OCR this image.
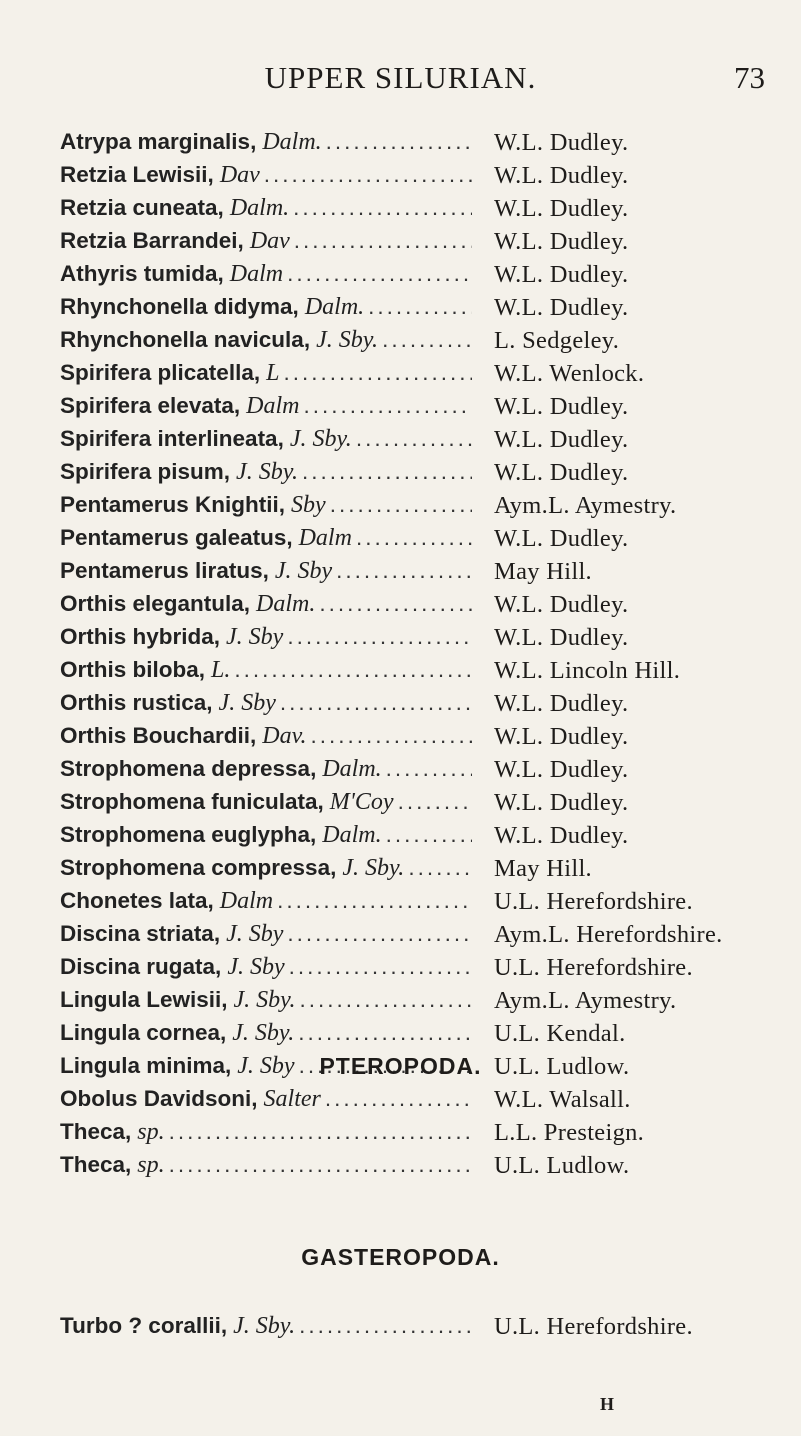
UPPER SILURIAN.	73
Atrypa marginalis, Dalm. .....	W.L. Dudley.
Retzia Lewisii, Dav .....	W.L. Dudley.
Retzia cuneata, Dalm. .....	W.L. Dudley.
Retzia Barrandei, Dav .....	W.L. Dudley.
Athyris tumida, Dalm .....	W.L. Dudley.
Rhynchonella didyma, Dalm. .....	W.L. Dudley.
Rhynchonella navicula, J. Sby. .....	L. Sedgeley.
Spirifera plicatella, L .....	W.L. Wenlock.
Spirifera elevata, Dalm .....	W.L. Dudley.
Spirifera interlineata, J. Sby. .....	W.L. Dudley.
Spirifera pisum, J. Sby. .....	W.L. Dudley.
Pentamerus Knightii, Sby .....	Aym.L. Aymestry.
Pentamerus galeatus, Dalm .....	W.L. Dudley.
Pentamerus liratus, J. Sby .....	May Hill.
Orthis elegantula, Dalm. .....	W.L. Dudley.
Orthis hybrida, J. Sby .....	W.L. Dudley.
Orthis biloba, L. .....	W.L. Lincoln Hill.
Orthis rustica, J. Sby .....	W.L. Dudley.
Orthis Bouchardii, Dav. .....	W.L. Dudley.
Strophomena depressa, Dalm. .....	W.L. Dudley.
Strophomena funiculata, M'Coy .....	W.L. Dudley.
Strophomena euglypha, Dalm. .....	W.L. Dudley.
Strophomena compressa, J. Sby. .....	May Hill.
Chonetes lata, Dalm .....	U.L. Herefordshire.
Discina striata, J. Sby .....	Aym.L. Herefordshire.
Discina rugata, J. Sby .....	U.L. Herefordshire.
Lingula Lewisii, J. Sby. .....	Aym.L. Aymestry.
Lingula cornea, J. Sby. .....	U.L. Kendal.
Lingula minima, J. Sby .....	U.L. Ludlow.
Obolus Davidsoni, Salter .....	W.L. Walsall.
PTEROPODA.
Theca, sp. .....	L.L. Presteign.
Theca, sp. .....	U.L. Ludlow.
GASTEROPODA.
Turbo ? corallii, J. Sby. .....	U.L. Herefordshire.
H
